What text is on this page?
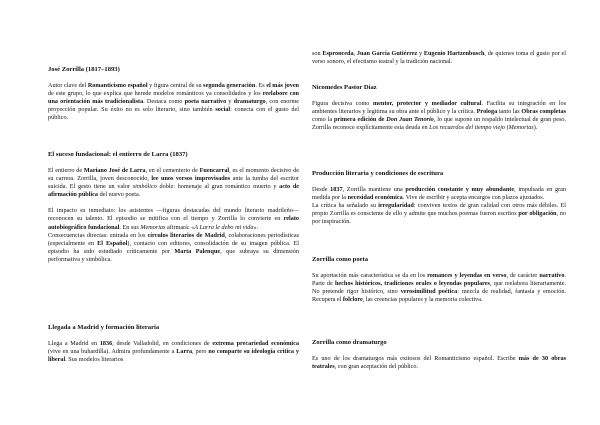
José Zorrilla (1817–1893)

Autor clave del Romanticismo español y figura central de su segunda generación. Es el más joven de este grupo, lo que explica que herede modelos románticos ya consolidados y los reelabore con una orientación más tradicionalista. Destaca como poeta narrativo y dramaturgo, con enorme proyección popular. Su éxito no es solo literario, sino también social: conecta con el gusto del público.

El suceso fundacional: el entierro de Larra (1837)

El entierro de Mariano José de Larra, en el cementerio de Fuencarral, es el momento decisivo de su carrera. Zorrilla, joven desconocido, lee unos versos improvisados ante la tumba del escritor suicida. El gesto tiene un valor simbólico doble: homenaje al gran romántico muerto y acto de afirmación pública del nuevo poeta.

El impacto es inmediato: los asistentes —figuras destacadas del mundo literario madrileño— reconocen su talento. El episodio se mitifica con el tiempo y Zorrilla lo convierte en relato autobiográfico fundacional. En sus Memorias afirmará: «A Larra le debo mi vida».

Consecuencias directas: entrada en los círculos literarios de Madrid, colaboraciones periodísticas (especialmente en El Español), contacto con editores, consolidación de su imagen pública. El episodio ha sido estudiado críticamente por Marta Palenque, que subraya su dimensión performativa y simbólica.

Llegada a Madrid y formación literaria

Llega a Madrid en 1836, desde Valladolid, en condiciones de extrema precariedad económica (vive en una buhardilla). Admira profundamente a Larra, pero no comparte su ideología crítica y liberal. Sus modelos literarios

son Espronceda, Juan García Gutiérrez y Eugenio Hartzenbusch, de quienes toma el gusto por el verso sonoro, el efectismo teatral y la tradición nacional.

Nicomedes Pastor Díaz

Figura decisiva como mentor, protector y mediador cultural. Facilita su integración en los ambientes literarios y legitima su obra ante el público y la crítica. Prologa tanto las Obras completas como la primera edición de Don Juan Tenorio, lo que supone un respaldo intelectual de gran peso. Zorrilla reconoce explícitamente esta deuda en Los recuerdos del tiempo viejo (Memorias).

Producción literaria y condiciones de escritura

Desde 1837, Zorrilla mantiene una producción constante y muy abundante, impulsada en gran medida por la necesidad económica. Vive de escribir y acepta encargos con plazos ajustados.

La crítica ha señalado su irregularidad: conviven textos de gran calidad con otros más débiles. El propio Zorrilla es consciente de ello y admite que muchos poemas fueron escritos por obligación, no por inspiración.

Zorrilla como poeta

Su aportación más característica se da en los romances y leyendas en verso, de carácter narrativo. Parte de hechos históricos, tradiciones orales o leyendas populares, que reelabora literariamente. No pretende rigor histórico, sino verosimilitud poética: mezcla de realidad, fantasía y emoción. Recupera el folclore, las creencias populares y la memoria colectiva.

Zorrilla como dramaturgo

Es uno de los dramaturgos más exitosos del Romanticismo español. Escribe más de 30 obras teatrales, con gran aceptación del público.
